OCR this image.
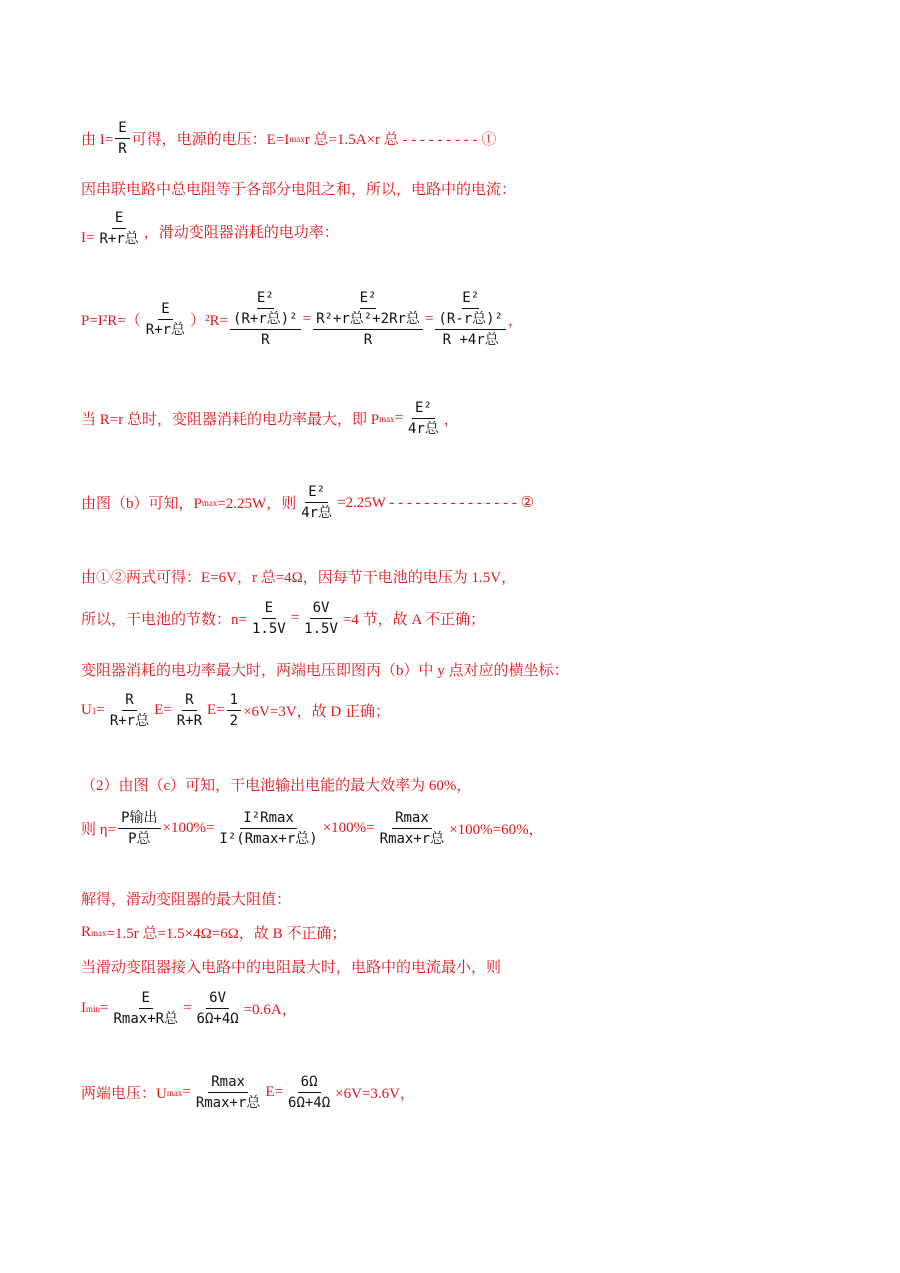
由 $I= \frac{E}{R}$ 可得，电源的电压：E=I max r 总=1.5A×r 总 - - - - - - - - - ①
因串联电路中总电阻等于各部分电阻之和，所以，电路中的电流：
$I= \frac{E}{\text{R+r总}}$ ，滑动变阻器消耗的电功率：
$P=I^2R=( \frac{E}{\text{R+r总}} )^2R= E^2$
(R+r总)²
R = E²
R²+r总²+2Rr总
R = E²
(R-r总)²
R +4r总 ，
当 R=r 总时，变阻器消耗的电功率最大，即 P $\max = \frac{\text{E²}}{\text{4r总}}$ ，
由图（b）可知，P max =2.25W，则 $\frac{\text{E²}}{\text{4r总}} =2.25W$ - - - - - - - - - - - - - - - ②
由①②两式可得：E=6V，r 总=4Ω，因每节干电池的电压为 1.5V，
所以，干电池的节数：$n= \frac{E}{1.5V} = \frac{6V}{1.5V} =4$ 节，故 A 不正确；
变阻器消耗的电功率最大时，两端电压即图丙（b）中 y 点对应的横坐标：
U $1 = \frac{R}{\text{R+r总}} E= \frac{R}{R+R} E= \frac{1}{2} \times 6V=3V$，故 D 正确；
（2）由图（c）可知，干电池输出电能的最大效率为 60%，
则 $\eta= \frac{\text{P输出}}{\text{P总}} \times 100\%= \frac{\text{I²Rmax}}{\text{I²(Rmax+r总)}} \times 100\%= \frac{Rmax}{\text{Rmax+r总}} \times 100\%=60\%$，
解得，滑动变阻器的最大阻值：
R max =1.5r 总=1.5×4Ω=6Ω，故 B 不正确；
当滑动变阻器接入电路中的电阻最大时，电路中的电流最小，则
I $\min = \frac{E}{\text{Rmax+R总}} = \frac{6V}{6\Omega+4\Omega} =0.6A$，
两端电压：U $\max = \frac{Rmax}{\text{Rmax+r总}} E= \frac{6\Omega}{6\Omega+4\Omega} \times 6V=3.6V$，
